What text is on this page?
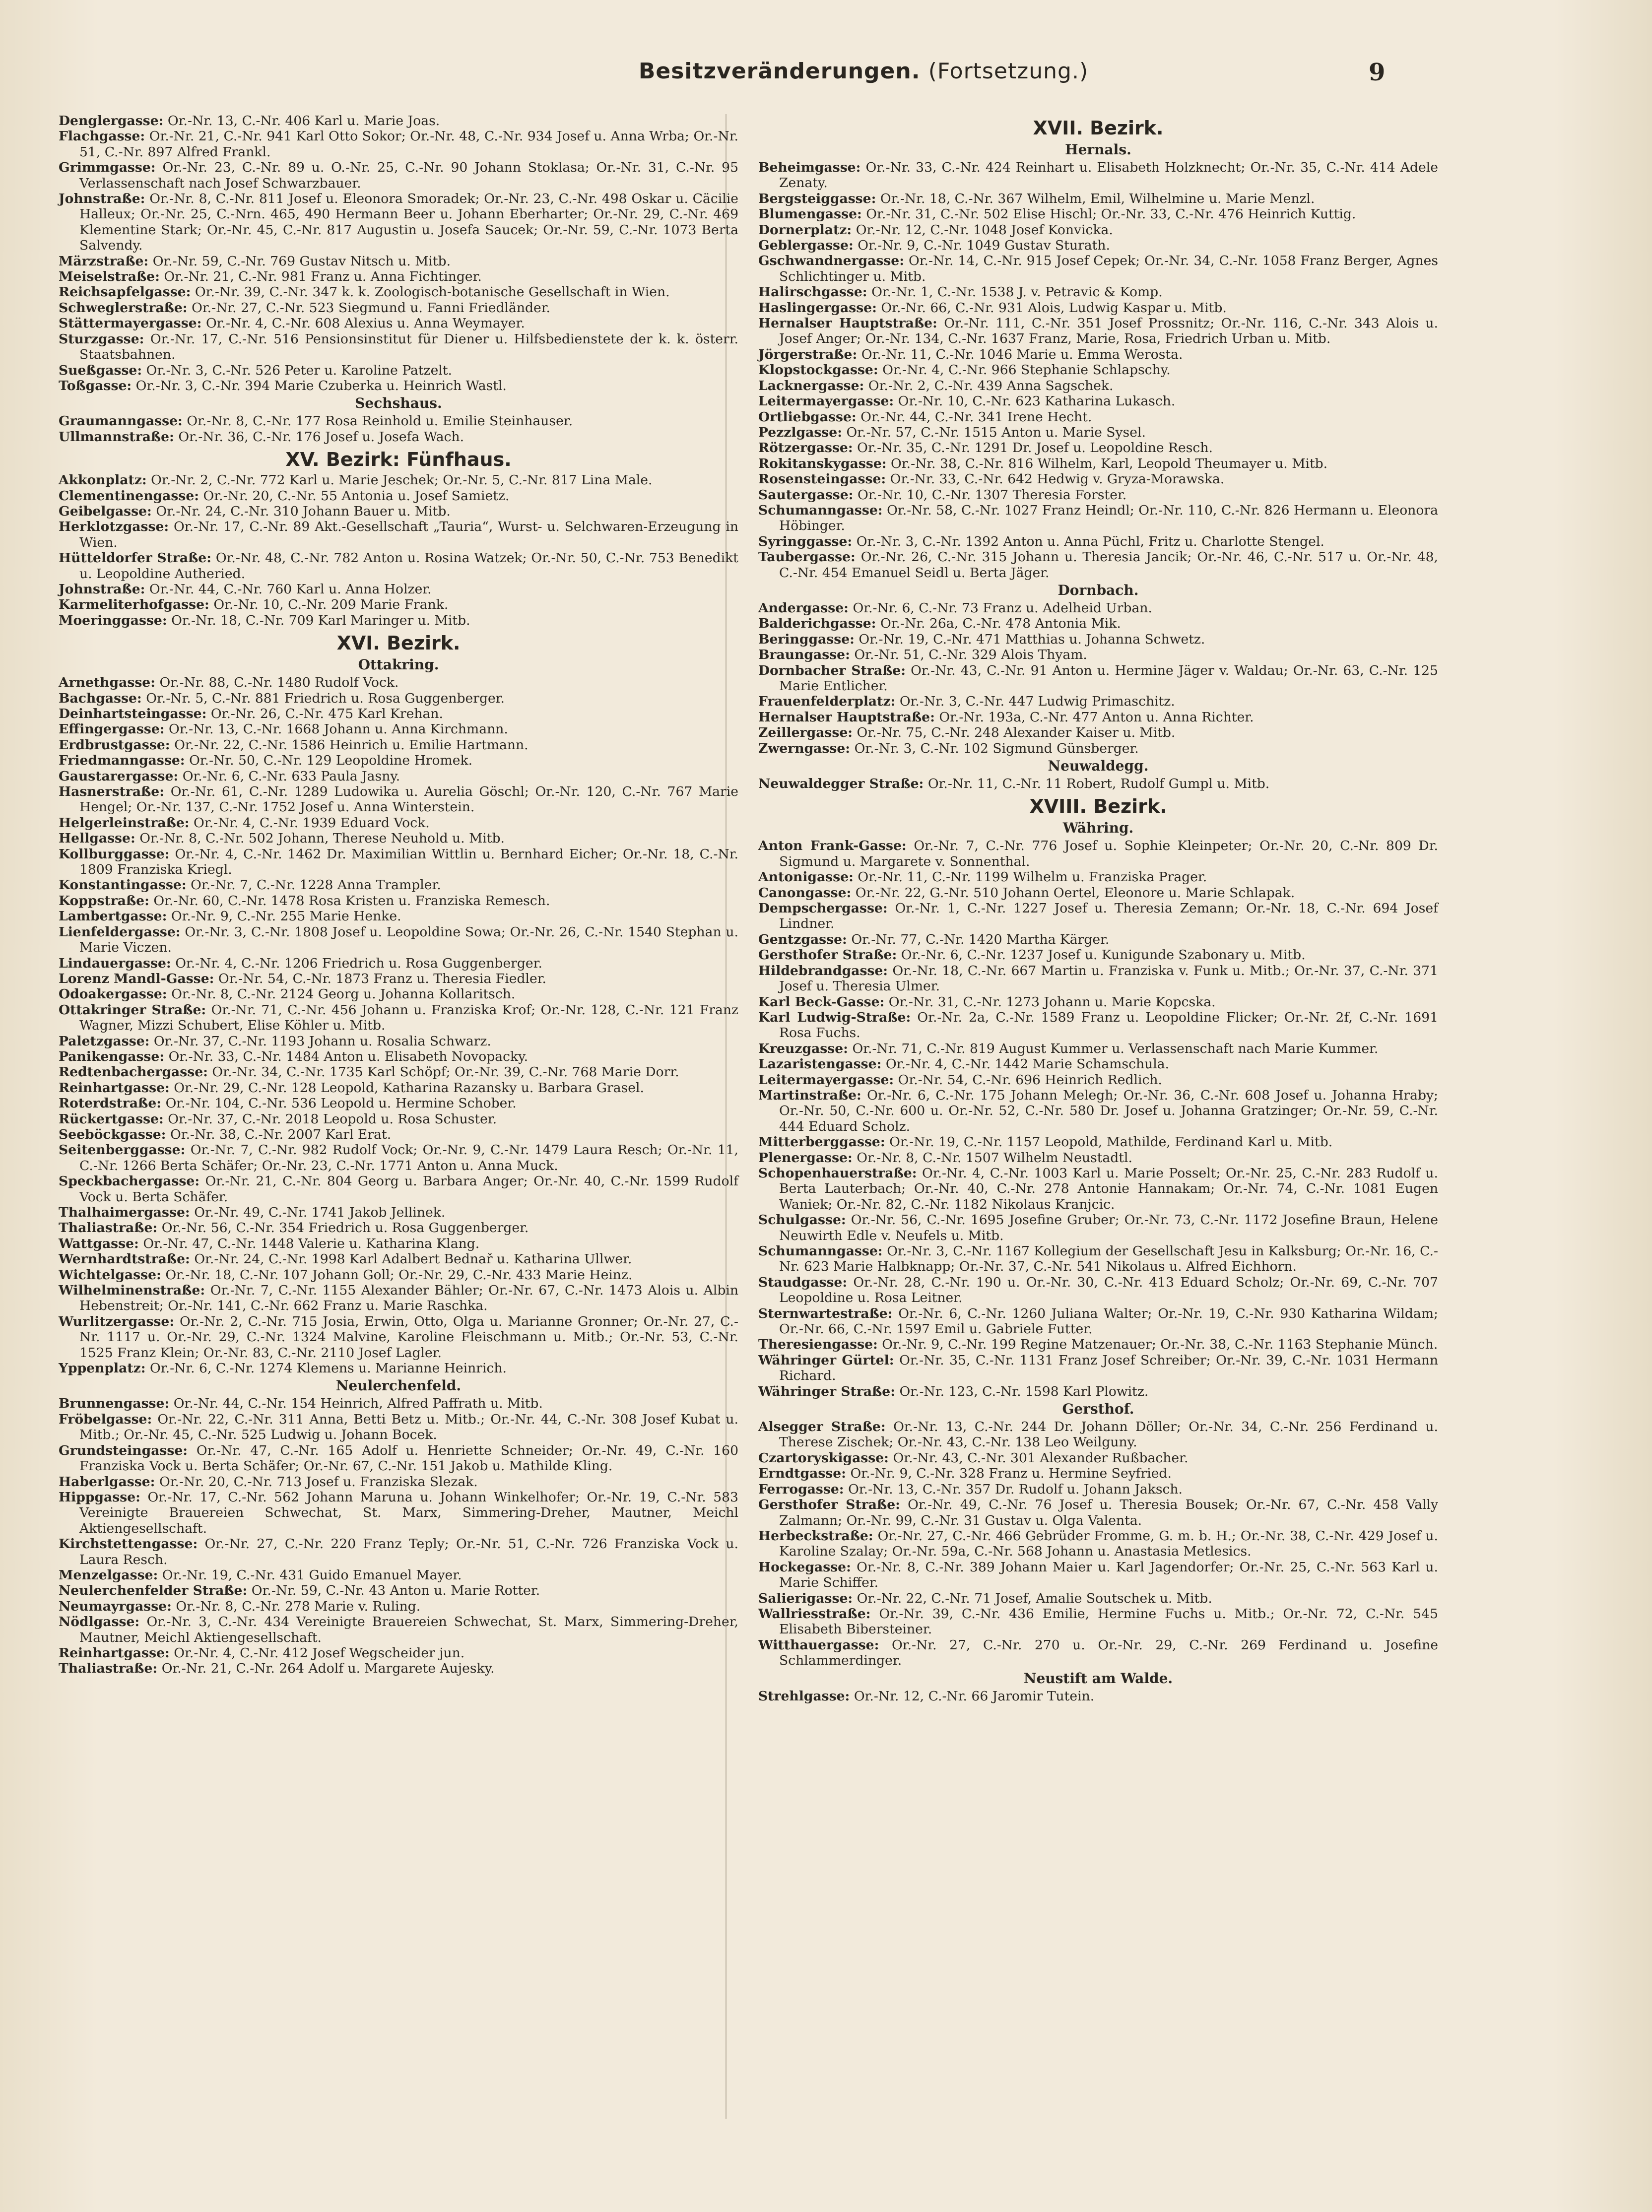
Besitzveränderungen. (Fortsetzung.)	9

Denglergasse: Or.-Nr. 13, C.-Nr. 406 Karl u. Marie Joas.

Flachgasse: Or.-Nr. 21, C.-Nr. 941 Karl Otto Sokor; Or.-Nr. 48, C.-Nr. 934 Josef u. Anna Wrba; Or.-Nr. 51, C.-Nr. 897 Alfred Frankl.

Grimmgasse: Or.-Nr. 23, C.-Nr. 89 u. O.-Nr. 25, C.-Nr. 90 Johann Stoklasa; Or.-Nr. 31, C.-Nr. 95 Verlassenschaft nach Josef Schwarzbauer.

Johnstraße: Or.-Nr. 8, C.-Nr. 811 Josef u. Eleonora Smoradek; Or.-Nr. 23, C.-Nr. 498 Oskar u. Cäcilie Halleux; Or.-Nr. 25, C.-Nrn. 465, 490 Hermann Beer u. Johann Eberharter; Or.-Nr. 29, C.-Nr. 469 Klementine Stark; Or.-Nr. 45, C.-Nr. 817 Augustin u. Josefa Saucek; Or.-Nr. 59, C.-Nr. 1073 Berta Salvendy.

Märzstraße: Or.-Nr. 59, C.-Nr. 769 Gustav Nitsch u. Mitb.

Meiselstraße: Or.-Nr. 21, C.-Nr. 981 Franz u. Anna Fichtinger.

Reichsapfelgasse: Or.-Nr. 39, C.-Nr. 347 k. k. Zoologisch-botanische Gesellschaft in Wien.

Schweglerstraße: Or.-Nr. 27, C.-Nr. 523 Siegmund u. Fanni Friedländer.

Stättermayergasse: Or.-Nr. 4, C.-Nr. 608 Alexius u. Anna Weymayer.

Sturzgasse: Or.-Nr. 17, C.-Nr. 516 Pensionsinstitut für Diener u. Hilfsbedienstete der k. k. österr. Staatsbahnen.

Sueßgasse: Or.-Nr. 3, C.-Nr. 526 Peter u. Karoline Patzelt.

Toßgasse: Or.-Nr. 3, C.-Nr. 394 Marie Czuberka u. Heinrich Wastl.

Sechshaus.

Graumanngasse: Or.-Nr. 8, C.-Nr. 177 Rosa Reinhold u. Emilie Steinhauser.

Ullmannstraße: Or.-Nr. 36, C.-Nr. 176 Josef u. Josefa Wach.

XV. Bezirk: Fünfhaus.

Akkonplatz: Or.-Nr. 2, C.-Nr. 772 Karl u. Marie Jeschek; Or.-Nr. 5, C.-Nr. 817 Lina Male.

Clementinengasse: Or.-Nr. 20, C.-Nr. 55 Antonia u. Josef Samietz.

Geibelgasse: Or.-Nr. 24, C.-Nr. 310 Johann Bauer u. Mitb.

Herklotzgasse: Or.-Nr. 17, C.-Nr. 89 Akt.-Gesellschaft „Tauria“, Wurst- u. Selchwaren-Erzeugung in Wien.

Hütteldorfer Straße: Or.-Nr. 48, C.-Nr. 782 Anton u. Rosina Watzek; Or.-Nr. 50, C.-Nr. 753 Benedikt u. Leopoldine Autheried.

Johnstraße: Or.-Nr. 44, C.-Nr. 760 Karl u. Anna Holzer.

Karmeliterhofgasse: Or.-Nr. 10, C.-Nr. 209 Marie Frank.

Moeringgasse: Or.-Nr. 18, C.-Nr. 709 Karl Maringer u. Mitb.

XVI. Bezirk.
Ottakring.

Arnethgasse: Or.-Nr. 88, C.-Nr. 1480 Rudolf Vock.

Bachgasse: Or.-Nr. 5, C.-Nr. 881 Friedrich u. Rosa Guggenberger.

Deinhartsteingasse: Or.-Nr. 26, C.-Nr. 475 Karl Krehan.

Effingergasse: Or.-Nr. 13, C.-Nr. 1668 Johann u. Anna Kirchmann.

Erdbrustgasse: Or.-Nr. 22, C.-Nr. 1586 Heinrich u. Emilie Hartmann.

Friedmanngasse: Or.-Nr. 50, C.-Nr. 129 Leopoldine Hromek.

Gaustarergasse: Or.-Nr. 6, C.-Nr. 633 Paula Jasny.

Hasnerstraße: Or.-Nr. 61, C.-Nr. 1289 Ludowika u. Aurelia Göschl; Or.-Nr. 120, C.-Nr. 767 Marie Hengel; Or.-Nr. 137, C.-Nr. 1752 Josef u. Anna Winterstein.

Helgerleinstraße: Or.-Nr. 4, C.-Nr. 1939 Eduard Vock.

Hellgasse: Or.-Nr. 8, C.-Nr. 502 Johann, Therese Neuhold u. Mitb.

Kollburggasse: Or.-Nr. 4, C.-Nr. 1462 Dr. Maximilian Wittlin u. Bernhard Eicher; Or.-Nr. 18, C.-Nr. 1809 Franziska Kriegl.

Konstantingasse: Or.-Nr. 7, C.-Nr. 1228 Anna Trampler.

Koppstraße: Or.-Nr. 60, C.-Nr. 1478 Rosa Kristen u. Franziska Remesch.

Lambertgasse: Or.-Nr. 9, C.-Nr. 255 Marie Henke.

Lienfeldergasse: Or.-Nr. 3, C.-Nr. 1808 Josef u. Leopoldine Sowa; Or.-Nr. 26, C.-Nr. 1540 Stephan u. Marie Viczen.

Lindauergasse: Or.-Nr. 4, C.-Nr. 1206 Friedrich u. Rosa Guggenberger.

Lorenz Mandl-Gasse: Or.-Nr. 54, C.-Nr. 1873 Franz u. Theresia Fiedler.

Odoakergasse: Or.-Nr. 8, C.-Nr. 2124 Georg u. Johanna Kollaritsch.

Ottakringer Straße: Or.-Nr. 71, C.-Nr. 456 Johann u. Franziska Krof; Or.-Nr. 128, C.-Nr. 121 Franz Wagner, Mizzi Schubert, Elise Köhler u. Mitb.

Paletzgasse: Or.-Nr. 37, C.-Nr. 1193 Johann u. Rosalia Schwarz.

Panikengasse: Or.-Nr. 33, C.-Nr. 1484 Anton u. Elisabeth Novopacky.

Redtenbachergasse: Or.-Nr. 34, C.-Nr. 1735 Karl Schöpf; Or.-Nr. 39, C.-Nr. 768 Marie Dorr.

Reinhartgasse: Or.-Nr. 29, C.-Nr. 128 Leopold, Katharina Razansky u. Barbara Grasel.

Roterdstraße: Or.-Nr. 104, C.-Nr. 536 Leopold u. Hermine Schober.

Rückertgasse: Or.-Nr. 37, C.-Nr. 2018 Leopold u. Rosa Schuster.

Seeböckgasse: Or.-Nr. 38, C.-Nr. 2007 Karl Erat.

Seitenberggasse: Or.-Nr. 7, C.-Nr. 982 Rudolf Vock; Or.-Nr. 9, C.-Nr. 1479 Laura Resch; Or.-Nr. 11, C.-Nr. 1266 Berta Schäfer; Or.-Nr. 23, C.-Nr. 1771 Anton u. Anna Muck.

Speckbachergasse: Or.-Nr. 21, C.-Nr. 804 Georg u. Barbara Anger; Or.-Nr. 40, C.-Nr. 1599 Rudolf Vock u. Berta Schäfer.

Thalhaimergasse: Or.-Nr. 49, C.-Nr. 1741 Jakob Jellinek.

Thaliastraße: Or.-Nr. 56, C.-Nr. 354 Friedrich u. Rosa Guggenberger.

Wattgasse: Or.-Nr. 47, C.-Nr. 1448 Valerie u. Katharina Klang.

Wernhardtstraße: Or.-Nr. 24, C.-Nr. 1998 Karl Adalbert Bednař u. Katharina Ullwer.

Wichtelgasse: Or.-Nr. 18, C.-Nr. 107 Johann Goll; Or.-Nr. 29, C.-Nr. 433 Marie Heinz.

Wilhelminenstraße: Or.-Nr. 7, C.-Nr. 1155 Alexander Bähler; Or.-Nr. 67, C.-Nr. 1473 Alois u. Albin Hebenstreit; Or.-Nr. 141, C.-Nr. 662 Franz u. Marie Raschka.

Wurlitzergasse: Or.-Nr. 2, C.-Nr. 715 Josia, Erwin, Otto, Olga u. Marianne Gronner; Or.-Nr. 27, C.-Nr. 1117 u. Or.-Nr. 29, C.-Nr. 1324 Malvine, Karoline Fleischmann u. Mitb.; Or.-Nr. 53, C.-Nr. 1525 Franz Klein; Or.-Nr. 83, C.-Nr. 2110 Josef Lagler.

Yppenplatz: Or.-Nr. 6, C.-Nr. 1274 Klemens u. Marianne Heinrich.

Neulerchenfeld.

Brunnengasse: Or.-Nr. 44, C.-Nr. 154 Heinrich, Alfred Paffrath u. Mitb.

Fröbelgasse: Or.-Nr. 22, C.-Nr. 311 Anna, Betti Betz u. Mitb.; Or.-Nr. 44, C.-Nr. 308 Josef Kubat u. Mitb.; Or.-Nr. 45, C.-Nr. 525 Ludwig u. Johann Bocek.

Grundsteingasse: Or.-Nr. 47, C.-Nr. 165 Adolf u. Henriette Schneider; Or.-Nr. 49, C.-Nr. 160 Franziska Vock u. Berta Schäfer; Or.-Nr. 67, C.-Nr. 151 Jakob u. Mathilde Kling.

Haberlgasse: Or.-Nr. 20, C.-Nr. 713 Josef u. Franziska Slezak.

Hippgasse: Or.-Nr. 17, C.-Nr. 562 Johann Maruna u. Johann Winkelhofer; Or.-Nr. 19, C.-Nr. 583 Vereinigte Brauereien Schwechat, St. Marx, Simmering-Dreher, Mautner, Meichl Aktiengesellschaft.

Kirchstettengasse: Or.-Nr. 27, C.-Nr. 220 Franz Teply; Or.-Nr. 51, C.-Nr. 726 Franziska Vock u. Laura Resch.

Menzelgasse: Or.-Nr. 19, C.-Nr. 431 Guido Emanuel Mayer.

Neulerchenfelder Straße: Or.-Nr. 59, C.-Nr. 43 Anton u. Marie Rotter.

Neumayrgasse: Or.-Nr. 8, C.-Nr. 278 Marie v. Ruling.

Nödlgasse: Or.-Nr. 3, C.-Nr. 434 Vereinigte Brauereien Schwechat, St. Marx, Simmering-Dreher, Mautner, Meichl Aktiengesellschaft.

Reinhartgasse: Or.-Nr. 4, C.-Nr. 412 Josef Wegscheider jun.

Thaliastraße: Or.-Nr. 21, C.-Nr. 264 Adolf u. Margarete Aujesky.

XVII. Bezirk.
Hernals.

Beheimgasse: Or.-Nr. 33, C.-Nr. 424 Reinhart u. Elisabeth Holzknecht; Or.-Nr. 35, C.-Nr. 414 Adele Zenaty.

Bergsteiggasse: Or.-Nr. 18, C.-Nr. 367 Wilhelm, Emil, Wilhelmine u. Marie Menzl.

Blumengasse: Or.-Nr. 31, C.-Nr. 502 Elise Hischl; Or.-Nr. 33, C.-Nr. 476 Heinrich Kuttig.

Dornerplatz: Or.-Nr. 12, C.-Nr. 1048 Josef Konvicka.

Geblergasse: Or.-Nr. 9, C.-Nr. 1049 Gustav Sturath.

Gschwandnergasse: Or.-Nr. 14, C.-Nr. 915 Josef Cepek; Or.-Nr. 34, C.-Nr. 1058 Franz Berger, Agnes Schlichtinger u. Mitb.

Halirschgasse: Or.-Nr. 1, C.-Nr. 1538 J. v. Petravic & Komp.

Haslingergasse: Or.-Nr. 66, C.-Nr. 931 Alois, Ludwig Kaspar u. Mitb.

Hernalser Hauptstraße: Or.-Nr. 111, C.-Nr. 351 Josef Prossnitz; Or.-Nr. 116, C.-Nr. 343 Alois u. Josef Anger; Or.-Nr. 134, C.-Nr. 1637 Franz, Marie, Rosa, Friedrich Urban u. Mitb.

Jörgerstraße: Or.-Nr. 11, C.-Nr. 1046 Marie u. Emma Werosta.

Klopstockgasse: Or.-Nr. 4, C.-Nr. 966 Stephanie Schlapschy.

Lacknergasse: Or.-Nr. 2, C.-Nr. 439 Anna Sagschek.

Leitermayergasse: Or.-Nr. 10, C.-Nr. 623 Katharina Lukasch.

Ortliebgasse: Or.-Nr. 44, C.-Nr. 341 Irene Hecht.

Pezzlgasse: Or.-Nr. 57, C.-Nr. 1515 Anton u. Marie Sysel.

Rötzergasse: Or.-Nr. 35, C.-Nr. 1291 Dr. Josef u. Leopoldine Resch.

Rokitanskygasse: Or.-Nr. 38, C.-Nr. 816 Wilhelm, Karl, Leopold Theumayer u. Mitb.

Rosensteingasse: Or.-Nr. 33, C.-Nr. 642 Hedwig v. Gryza-Morawska.

Sautergasse: Or.-Nr. 10, C.-Nr. 1307 Theresia Forster.

Schumanngasse: Or.-Nr. 58, C.-Nr. 1027 Franz Heindl; Or.-Nr. 110, C.-Nr. 826 Hermann u. Eleonora Höbinger.

Syringgasse: Or.-Nr. 3, C.-Nr. 1392 Anton u. Anna Püchl, Fritz u. Charlotte Stengel.

Taubergasse: Or.-Nr. 26, C.-Nr. 315 Johann u. Theresia Jancik; Or.-Nr. 46, C.-Nr. 517 u. Or.-Nr. 48, C.-Nr. 454 Emanuel Seidl u. Berta Jäger.

Dornbach.

Andergasse: Or.-Nr. 6, C.-Nr. 73 Franz u. Adelheid Urban.

Balderichgasse: Or.-Nr. 26a, C.-Nr. 478 Antonia Mik.

Beringgasse: Or.-Nr. 19, C.-Nr. 471 Matthias u. Johanna Schwetz.

Braungasse: Or.-Nr. 51, C.-Nr. 329 Alois Thyam.

Dornbacher Straße: Or.-Nr. 43, C.-Nr. 91 Anton u. Hermine Jäger v. Waldau; Or.-Nr. 63, C.-Nr. 125 Marie Entlicher.

Frauenfelderplatz: Or.-Nr. 3, C.-Nr. 447 Ludwig Primaschitz.

Hernalser Hauptstraße: Or.-Nr. 193a, C.-Nr. 477 Anton u. Anna Richter.

Zeillergasse: Or.-Nr. 75, C.-Nr. 248 Alexander Kaiser u. Mitb.

Zwerngasse: Or.-Nr. 3, C.-Nr. 102 Sigmund Günsberger.

Neuwaldegg.

Neuwaldegger Straße: Or.-Nr. 11, C.-Nr. 11 Robert, Rudolf Gumpl u. Mitb.

XVIII. Bezirk.
Währing.

Anton Frank-Gasse: Or.-Nr. 7, C.-Nr. 776 Josef u. Sophie Kleinpeter; Or.-Nr. 20, C.-Nr. 809 Dr. Sigmund u. Margarete v. Sonnenthal.

Antonigasse: Or.-Nr. 11, C.-Nr. 1199 Wilhelm u. Franziska Prager.

Canongasse: Or.-Nr. 22, G.-Nr. 510 Johann Oertel, Eleonore u. Marie Schlapak.

Dempschergasse: Or.-Nr. 1, C.-Nr. 1227 Josef u. Theresia Zemann; Or.-Nr. 18, C.-Nr. 694 Josef Lindner.

Gentzgasse: Or.-Nr. 77, C.-Nr. 1420 Martha Kärger.

Gersthofer Straße: Or.-Nr. 6, C.-Nr. 1237 Josef u. Kunigunde Szabonary u. Mitb.

Hildebrandgasse: Or.-Nr. 18, C.-Nr. 667 Martin u. Franziska v. Funk u. Mitb.; Or.-Nr. 37, C.-Nr. 371 Josef u. Theresia Ulmer.

Karl Beck-Gasse: Or.-Nr. 31, C.-Nr. 1273 Johann u. Marie Kopcska.

Karl Ludwig-Straße: Or.-Nr. 2a, C.-Nr. 1589 Franz u. Leopoldine Flicker; Or.-Nr. 2f, C.-Nr. 1691 Rosa Fuchs.

Kreuzgasse: Or.-Nr. 71, C.-Nr. 819 August Kummer u. Verlassenschaft nach Marie Kummer.

Lazaristengasse: Or.-Nr. 4, C.-Nr. 1442 Marie Schamschula.

Leitermayergasse: Or.-Nr. 54, C.-Nr. 696 Heinrich Redlich.

Martinstraße: Or.-Nr. 6, C.-Nr. 175 Johann Melegh; Or.-Nr. 36, C.-Nr. 608 Josef u. Johanna Hraby; Or.-Nr. 50, C.-Nr. 600 u. Or.-Nr. 52, C.-Nr. 580 Dr. Josef u. Johanna Gratzinger; Or.-Nr. 59, C.-Nr. 444 Eduard Scholz.

Mitterberggasse: Or.-Nr. 19, C.-Nr. 1157 Leopold, Mathilde, Ferdinand Karl u. Mitb.

Plenergasse: Or.-Nr. 8, C.-Nr. 1507 Wilhelm Neustadtl.

Schopenhauerstraße: Or.-Nr. 4, C.-Nr. 1003 Karl u. Marie Posselt; Or.-Nr. 25, C.-Nr. 283 Rudolf u. Berta Lauterbach; Or.-Nr. 40, C.-Nr. 278 Antonie Hannakam; Or.-Nr. 74, C.-Nr. 1081 Eugen Waniek; Or.-Nr. 82, C.-Nr. 1182 Nikolaus Kranjcic.

Schulgasse: Or.-Nr. 56, C.-Nr. 1695 Josefine Gruber; Or.-Nr. 73, C.-Nr. 1172 Josefine Braun, Helene Neuwirth Edle v. Neufels u. Mitb.

Schumanngasse: Or.-Nr. 3, C.-Nr. 1167 Kollegium der Gesellschaft Jesu in Kalksburg; Or.-Nr. 16, C.-Nr. 623 Marie Halbknapp; Or.-Nr. 37, C.-Nr. 541 Nikolaus u. Alfred Eichhorn.

Staudgasse: Or.-Nr. 28, C.-Nr. 190 u. Or.-Nr. 30, C.-Nr. 413 Eduard Scholz; Or.-Nr. 69, C.-Nr. 707 Leopoldine u. Rosa Leitner.

Sternwartestraße: Or.-Nr. 6, C.-Nr. 1260 Juliana Walter; Or.-Nr. 19, C.-Nr. 930 Katharina Wildam; Or.-Nr. 66, C.-Nr. 1597 Emil u. Gabriele Futter.

Theresiengasse: Or.-Nr. 9, C.-Nr. 199 Regine Matzenauer; Or.-Nr. 38, C.-Nr. 1163 Stephanie Münch.

Währinger Gürtel: Or.-Nr. 35, C.-Nr. 1131 Franz Josef Schreiber; Or.-Nr. 39, C.-Nr. 1031 Hermann Richard.

Währinger Straße: Or.-Nr. 123, C.-Nr. 1598 Karl Plowitz.

Gersthof.

Alsegger Straße: Or.-Nr. 13, C.-Nr. 244 Dr. Johann Döller; Or.-Nr. 34, C.-Nr. 256 Ferdinand u. Therese Zischek; Or.-Nr. 43, C.-Nr. 138 Leo Weilguny.

Czartoryskigasse: Or.-Nr. 43, C.-Nr. 301 Alexander Rußbacher.

Erndtgasse: Or.-Nr. 9, C.-Nr. 328 Franz u. Hermine Seyfried.

Ferrogasse: Or.-Nr. 13, C.-Nr. 357 Dr. Rudolf u. Johann Jaksch.

Gersthofer Straße: Or.-Nr. 49, C.-Nr. 76 Josef u. Theresia Bousek; Or.-Nr. 67, C.-Nr. 458 Vally Zalmann; Or.-Nr. 99, C.-Nr. 31 Gustav u. Olga Valenta.

Herbeckstraße: Or.-Nr. 27, C.-Nr. 466 Gebrüder Fromme, G. m. b. H.; Or.-Nr. 38, C.-Nr. 429 Josef u. Karoline Szalay; Or.-Nr. 59a, C.-Nr. 568 Johann u. Anastasia Metlesics.

Hockegasse: Or.-Nr. 8, C.-Nr. 389 Johann Maier u. Karl Jagendorfer; Or.-Nr. 25, C.-Nr. 563 Karl u. Marie Schiffer.

Salierigasse: Or.-Nr. 22, C.-Nr. 71 Josef, Amalie Soutschek u. Mitb.

Wallriesstraße: Or.-Nr. 39, C.-Nr. 436 Emilie, Hermine Fuchs u. Mitb.; Or.-Nr. 72, C.-Nr. 545 Elisabeth Bibersteiner.

Witthauergasse: Or.-Nr. 27, C.-Nr. 270 u. Or.-Nr. 29, C.-Nr. 269 Ferdinand u. Josefine Schlammerdinger.

Neustift am Walde.

Strehlgasse: Or.-Nr. 12, C.-Nr. 66 Jaromir Tutein.
